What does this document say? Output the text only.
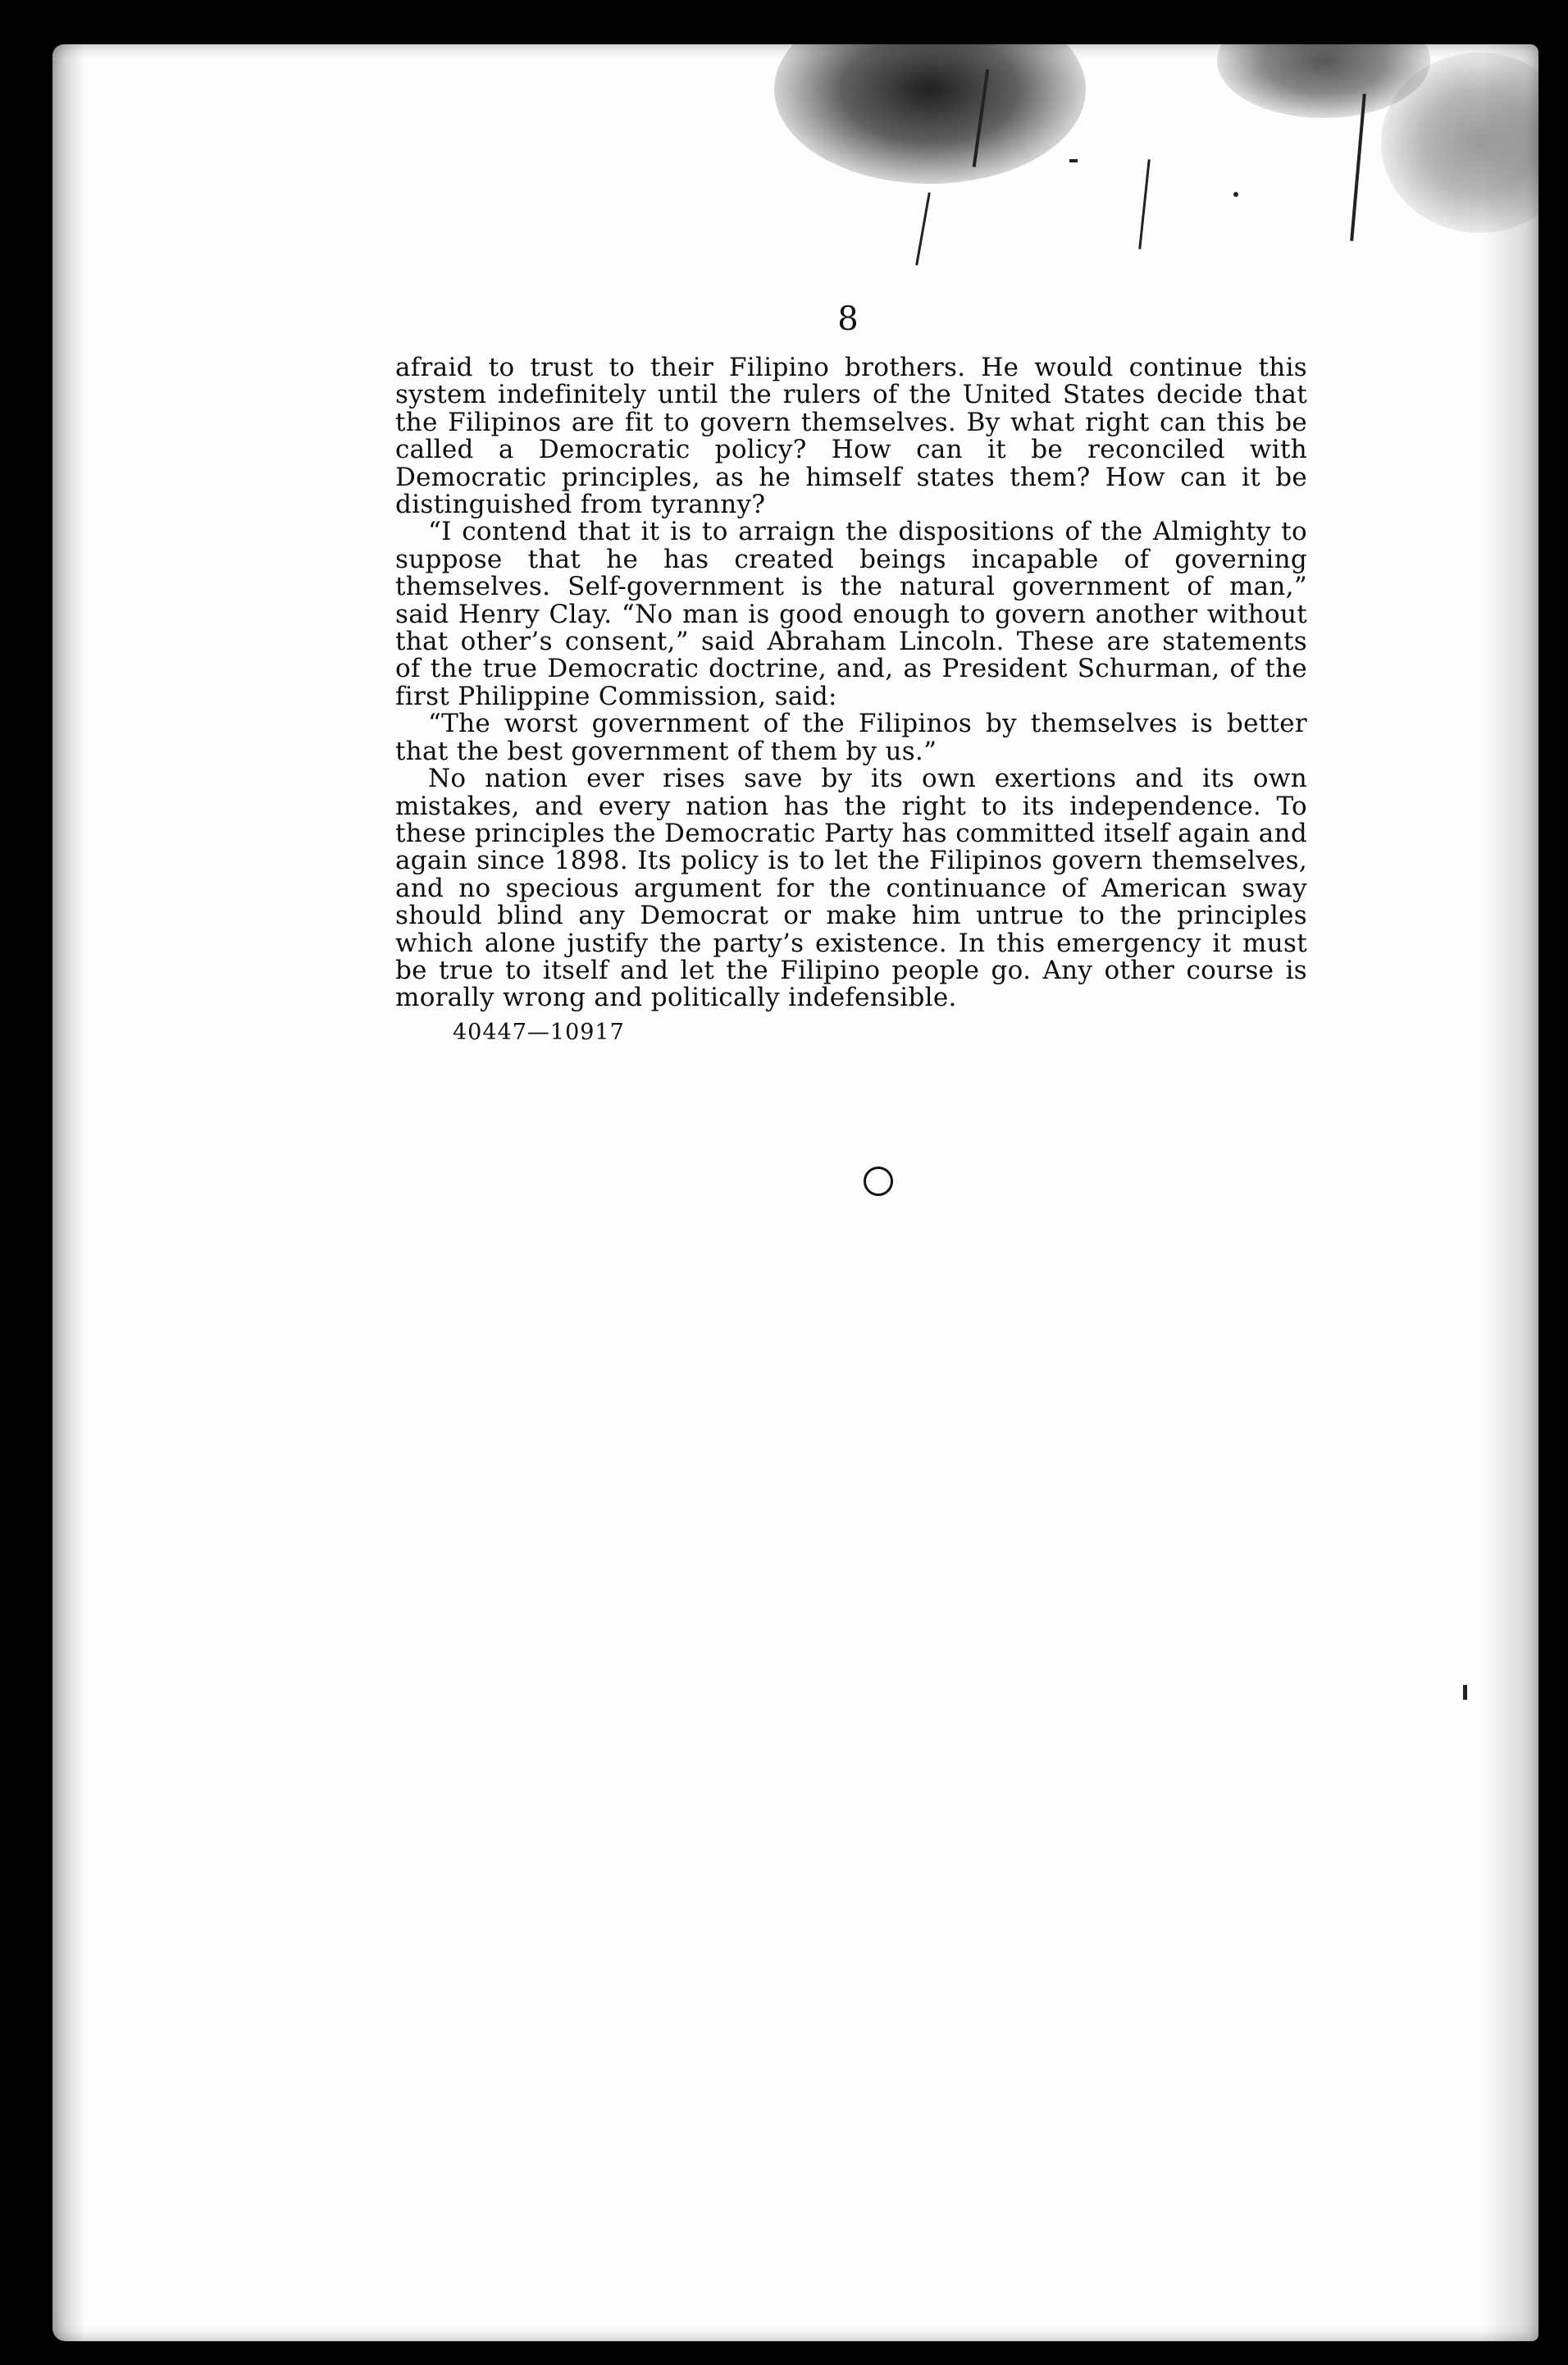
8

afraid to trust to their Filipino brothers. He would continue this system indefinitely until the rulers of the United States decide that the Filipinos are fit to govern themselves. By what right can this be called a Democratic policy? How can it be reconciled with Democratic principles, as he himself states them? How can it be distinguished from tyranny?

“I contend that it is to arraign the dispositions of the Almighty to suppose that he has created beings incapable of governing themselves. Self-government is the natural government of man,” said Henry Clay. “No man is good enough to govern another without that other’s consent,” said Abraham Lincoln. These are statements of the true Democratic doctrine, and, as President Schurman, of the first Philippine Commission, said:

“The worst government of the Filipinos by themselves is better that the best government of them by us.”

No nation ever rises save by its own exertions and its own mistakes, and every nation has the right to its independence. To these principles the Democratic Party has committed itself again and again since 1898. Its policy is to let the Filipinos govern themselves, and no specious argument for the continuance of American sway should blind any Democrat or make him untrue to the principles which alone justify the party’s existence. In this emergency it must be true to itself and let the Filipino people go. Any other course is morally wrong and politically indefensible.

40447—10917
